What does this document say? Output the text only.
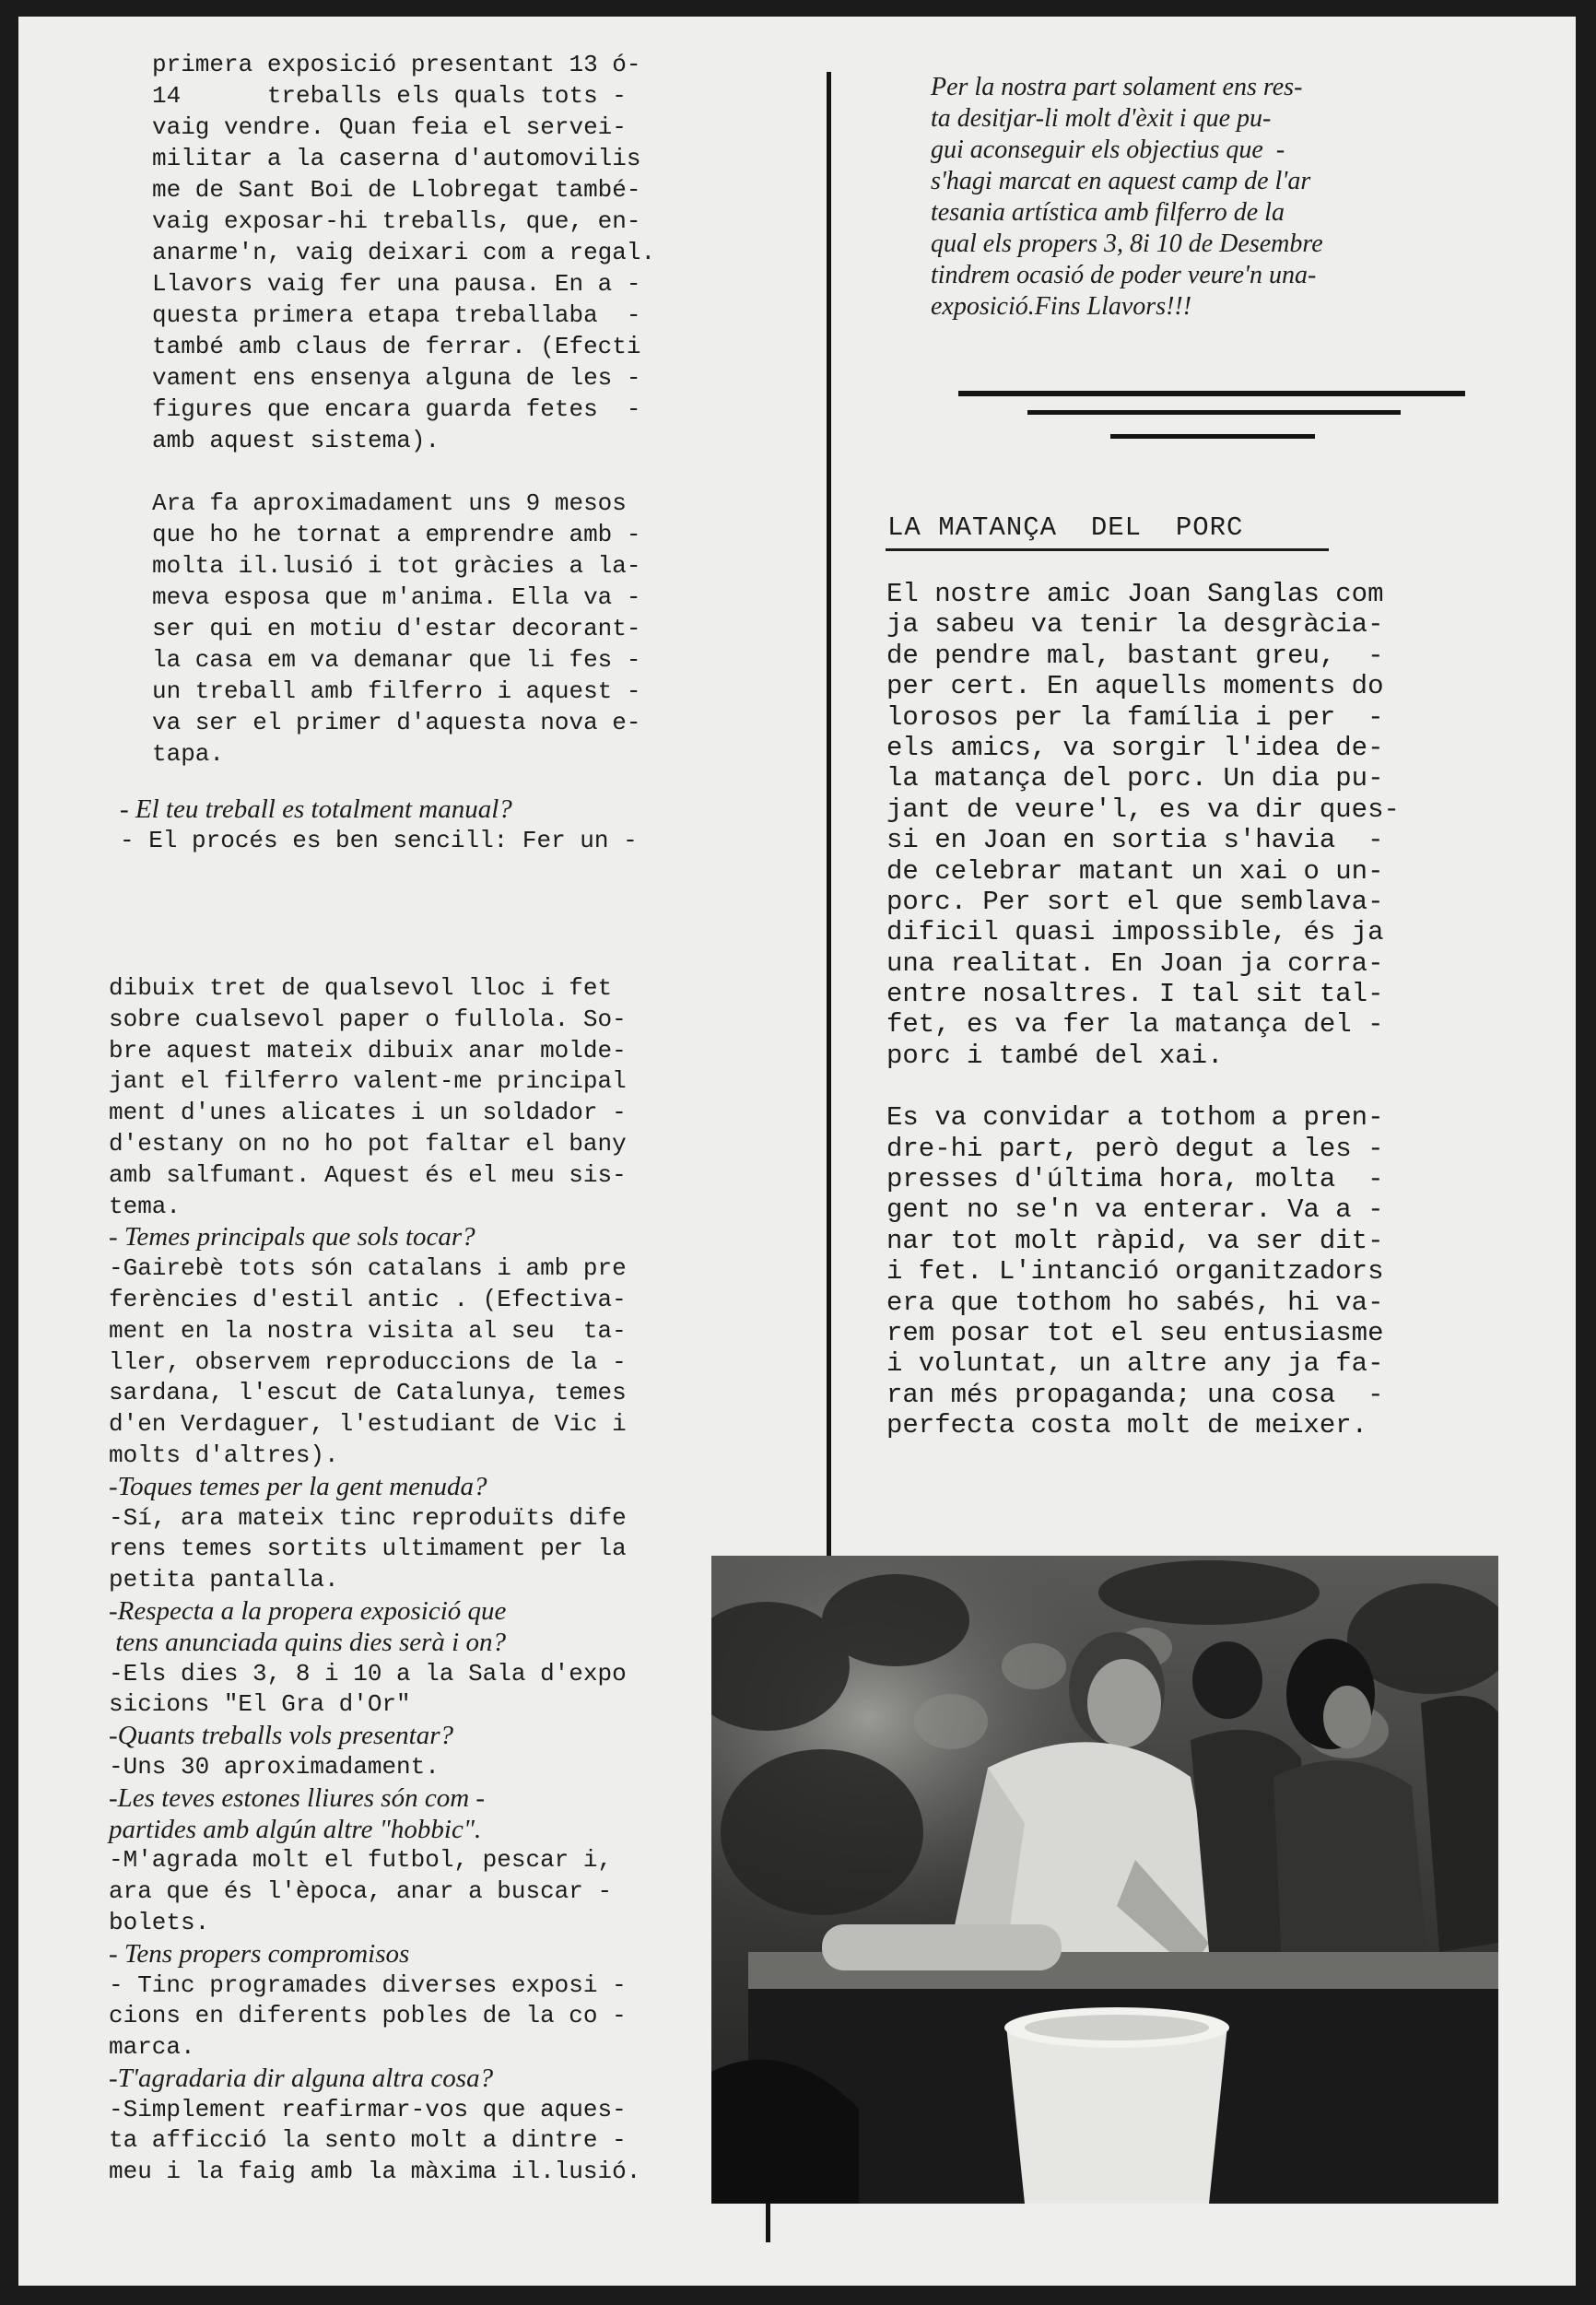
primera exposició presentant 13 ó-
14      treballs els quals tots -
vaig vendre. Quan feia el servei-
militar a la caserna d'automovilis
me de Sant Boi de Llobregat també-
vaig exposar-hi treballs, que, en-
anarme'n, vaig deixari com a regal.
Llavors vaig fer una pausa. En a -
questa primera etapa treballaba  -
també amb claus de ferrar. (Efecti
vament ens ensenya alguna de les -
figures que encara guarda fetes  -
amb aquest sistema).
Ara fa aproximadament uns 9 mesos
que ho he tornat a emprendre amb -
molta il.lusió i tot gràcies a la-
meva esposa que m'anima. Ella va -
ser qui en motiu d'estar decorant-
la casa em va demanar que li fes -
un treball amb filferro i aquest -
va ser el primer d'aquesta nova e-
tapa.
- El teu treball es totalment manual?
- El procés es ben sencill: Fer un -
dibuix tret de qualsevol lloc i fet
sobre cualsevol paper o fullola. So-
bre aquest mateix dibuix anar molde-
jant el filferro valent-me principal
ment d'unes alicates i un soldador -
d'estany on no ho pot faltar el bany
amb salfumant. Aquest és el meu sis-
tema.
- Temes principals que sols tocar?
-Gairebè tots són catalans i amb pre
ferències d'estil antic . (Efectiva-
ment en la nostra visita al seu  ta-
ller, observem reproduccions de la -
sardana, l'escut de Catalunya, temes
d'en Verdaguer, l'estudiant de Vic i
molts d'altres).
-Toques temes per la gent menuda?
-Sí, ara mateix tinc reproduïts dife
rens temes sortits ultimament per la
petita pantalla.
-Respecta a la propera exposició que
tens anunciada quins dies serà i on?
-Els dies 3, 8 i 10 a la Sala d'expo
sicions "El Gra d'Or"
-Quants treballs vols presentar?
-Uns 30 aproximadament.
-Les teves estones lliures són com -
partides amb algún altre "hobbic".
-M'agrada molt el futbol, pescar i,
ara que és l'època, anar a buscar -
bolets.
- Tens propers compromisos
- Tinc programades diverses exposi -
cions en diferents pobles de la co -
marca.
-T'agradaria dir alguna altra cosa?
-Simplement reafirmar-vos que aques-
ta afficció la sento molt a dintre -
meu i la faig amb la màxima il.lusió.
Per la nostra part solament ens res-
ta desitjar-li molt d'èxit i que pu-
gui aconseguir els objectius que  -
s'hagi marcat en aquest camp de l'ar
tesania artística amb filferro de la
qual els propers 3, 8i 10 de Desembre
tindrem ocasió de poder veure'n una-
exposició.Fins Llavors!!!
LA MATANÇA  DEL  PORC
El nostre amic Joan Sanglas com
ja sabeu va tenir la desgràcia-
de pendre mal, bastant greu,  -
per cert. En aquells moments do
lorosos per la família i per  -
els amics, va sorgir l'idea de-
la matança del porc. Un dia pu-
jant de veure'l, es va dir ques-
si en Joan en sortia s'havia  -
de celebrar matant un xai o un-
porc. Per sort el que semblava-
dificil quasi impossible, és ja
una realitat. En Joan ja corra-
entre nosaltres. I tal sit tal-
fet, es va fer la matança del -
porc i també del xai.
Es va convidar a tothom a pren-
dre-hi part, però degut a les -
presses d'última hora, molta  -
gent no se'n va enterar. Va a -
nar tot molt ràpid, va ser dit-
i fet. L'intanció organitzadors
era que tothom ho sabés, hi va-
rem posar tot el seu entusiasme
i voluntat, un altre any ja fa-
ran més propaganda; una cosa  -
perfecta costa molt de meixer.
